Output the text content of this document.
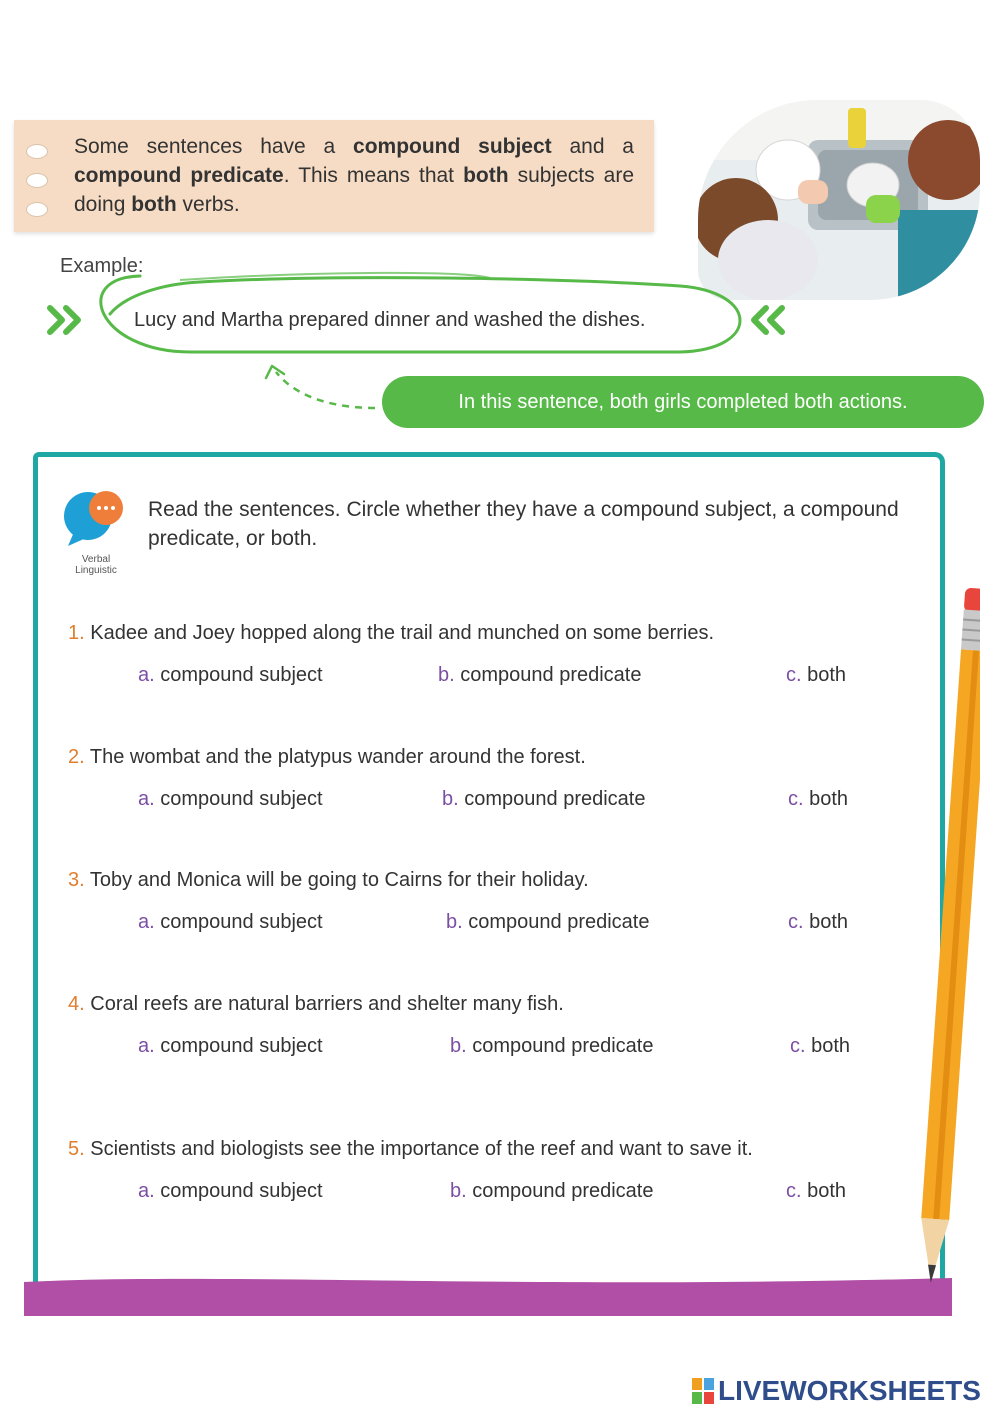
Some sentences have a compound subject and a compound predicate. This means that both subjects are doing both verbs.

Example:
Lucy and Martha prepared dinner and washed the dishes.
In this sentence, both girls completed both actions.
Verbal Linguistic

Read the sentences. Circle whether they have a compound subject, a compound predicate, or both.

1. Kadee and Joey hopped along the trail and munched on some berries.
a. compound subject	b. compound predicate	c. both
2. The wombat and the platypus wander around the forest.
a. compound subject	b. compound predicate	c. both
3. Toby and Monica will be going to Cairns for their holiday.
a. compound subject	b. compound predicate	c. both
4. Coral reefs are natural barriers and shelter many fish.
a. compound subject	b. compound predicate	c. both
5. Scientists and biologists see the importance of the reef and want to save it.
a. compound subject	b. compound predicate	c. both
LIVEWORKSHEETS
